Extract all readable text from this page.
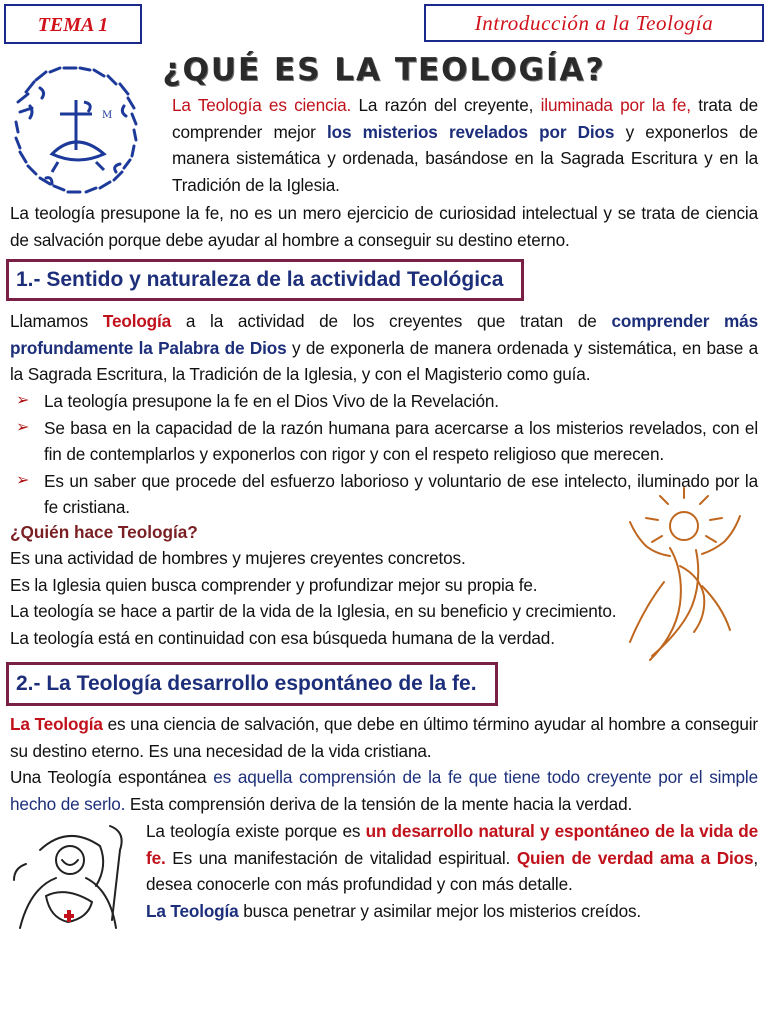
TEMA 1	Introducción a la Teología
¿QUÉ ES LA TEOLOGÍA?
M
La Teología es ciencia. La razón del creyente, iluminada por la fe, trata de comprender mejor los misterios revelados por Dios y exponerlos de manera sistemática y ordenada, basándose en la Sagrada Escritura y en la Tradición de la Iglesia.
La teología presupone la fe, no es un mero ejercicio de curiosidad intelectual y se trata de ciencia de salvación porque debe ayudar al hombre a conseguir su destino eterno.
1.- Sentido y naturaleza de la actividad Teológica
Llamamos Teología a la actividad de los creyentes que tratan de comprender más profundamente la Palabra de Dios y de exponerla de manera ordenada y sistemática, en base a la Sagrada Escritura, la Tradición de la Iglesia, y con el Magisterio como guía.
➢ La teología presupone la fe en el Dios Vivo de la Revelación.
➢ Se basa en la capacidad de la razón humana para acercarse a los misterios revelados, con el fin de contemplarlos y exponerlos con rigor y con el respeto religioso que merecen.
➢ Es un saber que procede del esfuerzo laborioso y voluntario de ese intelecto, iluminado por la fe cristiana.
¿Quién hace Teología?
Es una actividad de hombres y mujeres creyentes concretos.
Es la Iglesia quien busca comprender y profundizar mejor su propia fe.
La teología se hace a partir de la vida de la Iglesia, en su beneficio y crecimiento.
La teología está en continuidad con esa búsqueda humana de la verdad.
2.- La Teología desarrollo espontáneo de la fe.
La Teología es una ciencia de salvación, que debe en último término ayudar al hombre a conseguir su destino eterno. Es una necesidad de la vida cristiana.
Una Teología espontánea es aquella comprensión de la fe que tiene todo creyente por el simple hecho de serlo. Esta comprensión deriva de la tensión de la mente hacia la verdad.
La teología existe porque es un desarrollo natural y espontáneo de la vida de fe. Es una manifestación de vitalidad espiritual. Quien de verdad ama a Dios, desea conocerle con más profundidad y con más detalle.
La Teología busca penetrar y asimilar mejor los misterios creídos.
